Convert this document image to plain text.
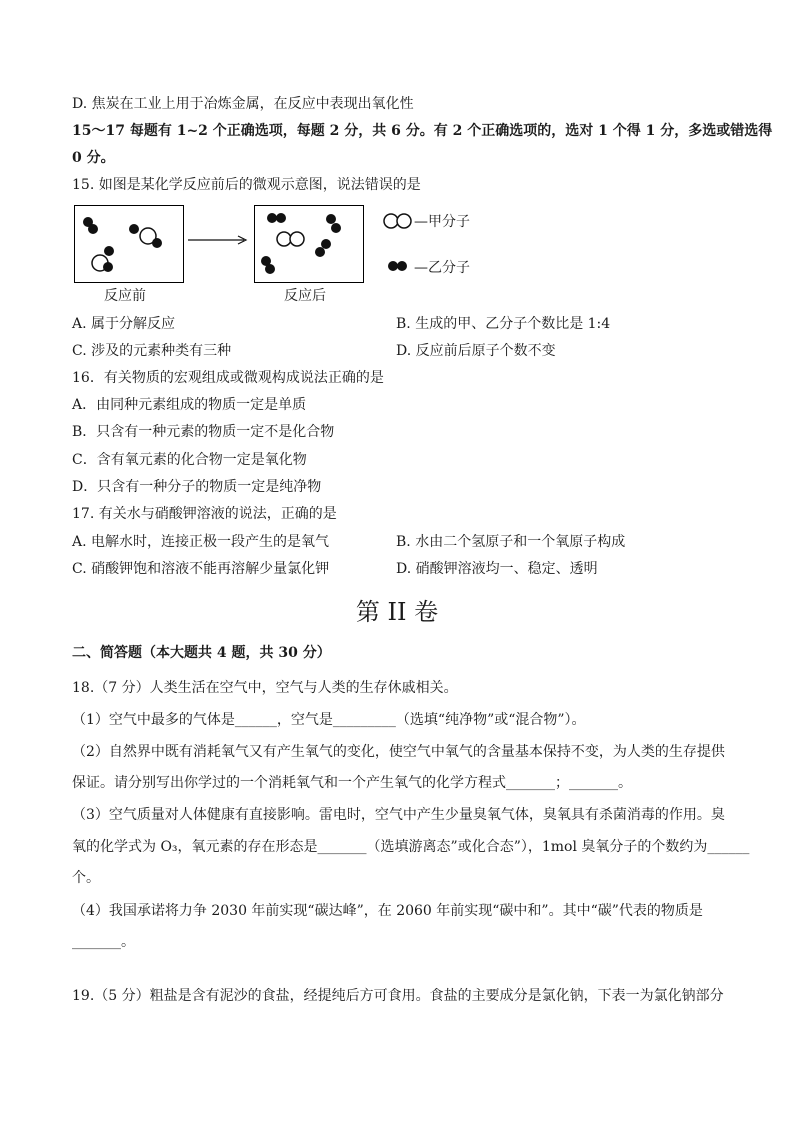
D. 焦炭在工业上用于冶炼金属，在反应中表现出氧化性
15～17 每题有 1~2 个正确选项，每题 2 分，共 6 分。有 2 个正确选项的，选对 1 个得 1 分，多选或错选得
0 分。
15. 如图是某化学反应前后的微观示意图，说法错误的是
反应前	反应后
—甲分子
—乙分子
A. 属于分解反应	B. 生成的甲、乙分子个数比是 1:4
C. 涉及的元素种类有三种	D. 反应前后原子个数不变
16．有关物质的宏观组成或微观构成说法正确的是
A．由同种元素组成的物质一定是单质
B．只含有一种元素的物质一定不是化合物
C．含有氧元素的化合物一定是氧化物
D．只含有一种分子的物质一定是纯净物
17. 有关水与硝酸钾溶液的说法，正确的是
A. 电解水时，连接正极一段产生的是氧气	B. 水由二个氢原子和一个氧原子构成
C. 硝酸钾饱和溶液不能再溶解少量氯化钾	D. 硝酸钾溶液均一、稳定、透明
第 II 卷
二、简答题（本大题共 4 题，共 30 分）
18.（7 分）人类生活在空气中，空气与人类的生存休戚相关。
（1）空气中最多的气体是______，空气是_________（选填“纯净物”或“混合物”）。
（2）自然界中既有消耗氧气又有产生氧气的变化，使空气中氧气的含量基本保持不变，为人类的生存提供
保证。请分别写出你学过的一个消耗氧气和一个产生氧气的化学方程式_______；_______。
（3）空气质量对人体健康有直接影响。雷电时，空气中产生少量臭氧气体，臭氧具有杀菌消毒的作用。臭
氧的化学式为 O₃，氧元素的存在形态是_______（选填游离态”或化合态”），1mol 臭氧分子的个数约为______
个。
（4）我国承诺将力争 2030 年前实现“碳达峰”，在 2060 年前实现“碳中和”。其中“碳”代表的物质是
_______。
19.（5 分）粗盐是含有泥沙的食盐，经提纯后方可食用。食盐的主要成分是氯化钠，下表一为氯化钠部分
